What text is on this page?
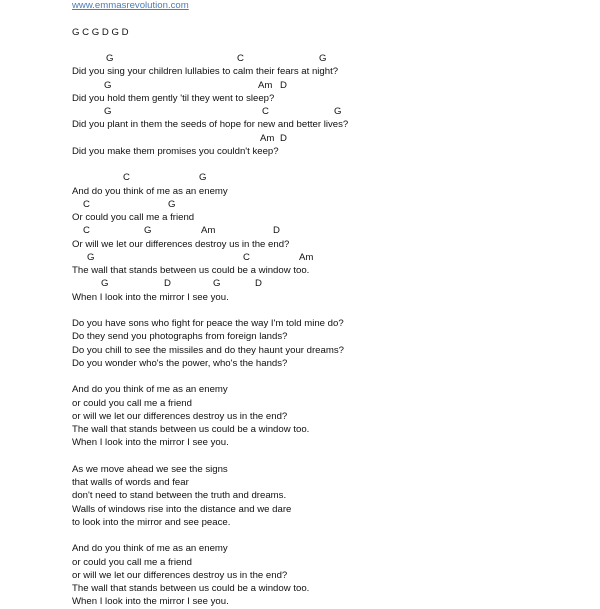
www.emmasrevolution.com
G C G D G D
G	C	G
Did you sing your children lullabies to calm their fears at night?
G	Am D
Did you hold them gently 'til they went to sleep?
G	C	G
Did you plant in them the seeds of hope for new and better lives?
Am D
Did you make them promises you couldn't keep?
C	G
And do you think of me as an enemy
C	G
Or could you call me a friend
C	G	Am	D
Or will we let our differences destroy us in the end?
G	C	Am
The wall that stands between us could be a window too.
G	D	G	D
When I look into the mirror I see you.
Do you have sons who fight for peace the way I'm told mine do?
Do they send you photographs from foreign lands?
Do you chill to see the missiles and do they haunt your dreams?
Do you wonder who's the power, who's the hands?
And do you think of me as an enemy
or could you call me a friend
or will we let our differences destroy us in the end?
The wall that stands between us could be a window too.
When I look into the mirror I see you.
As we move ahead we see the signs
that walls of words and fear
don't need to stand between the truth and dreams.
Walls of windows rise into the distance and we dare
to look into the mirror and see peace.
And do you think of me as an enemy
or could you call me a friend
or will we let our differences destroy us in the end?
The wall that stands between us could be a window too.
When I look into the mirror I see you.
